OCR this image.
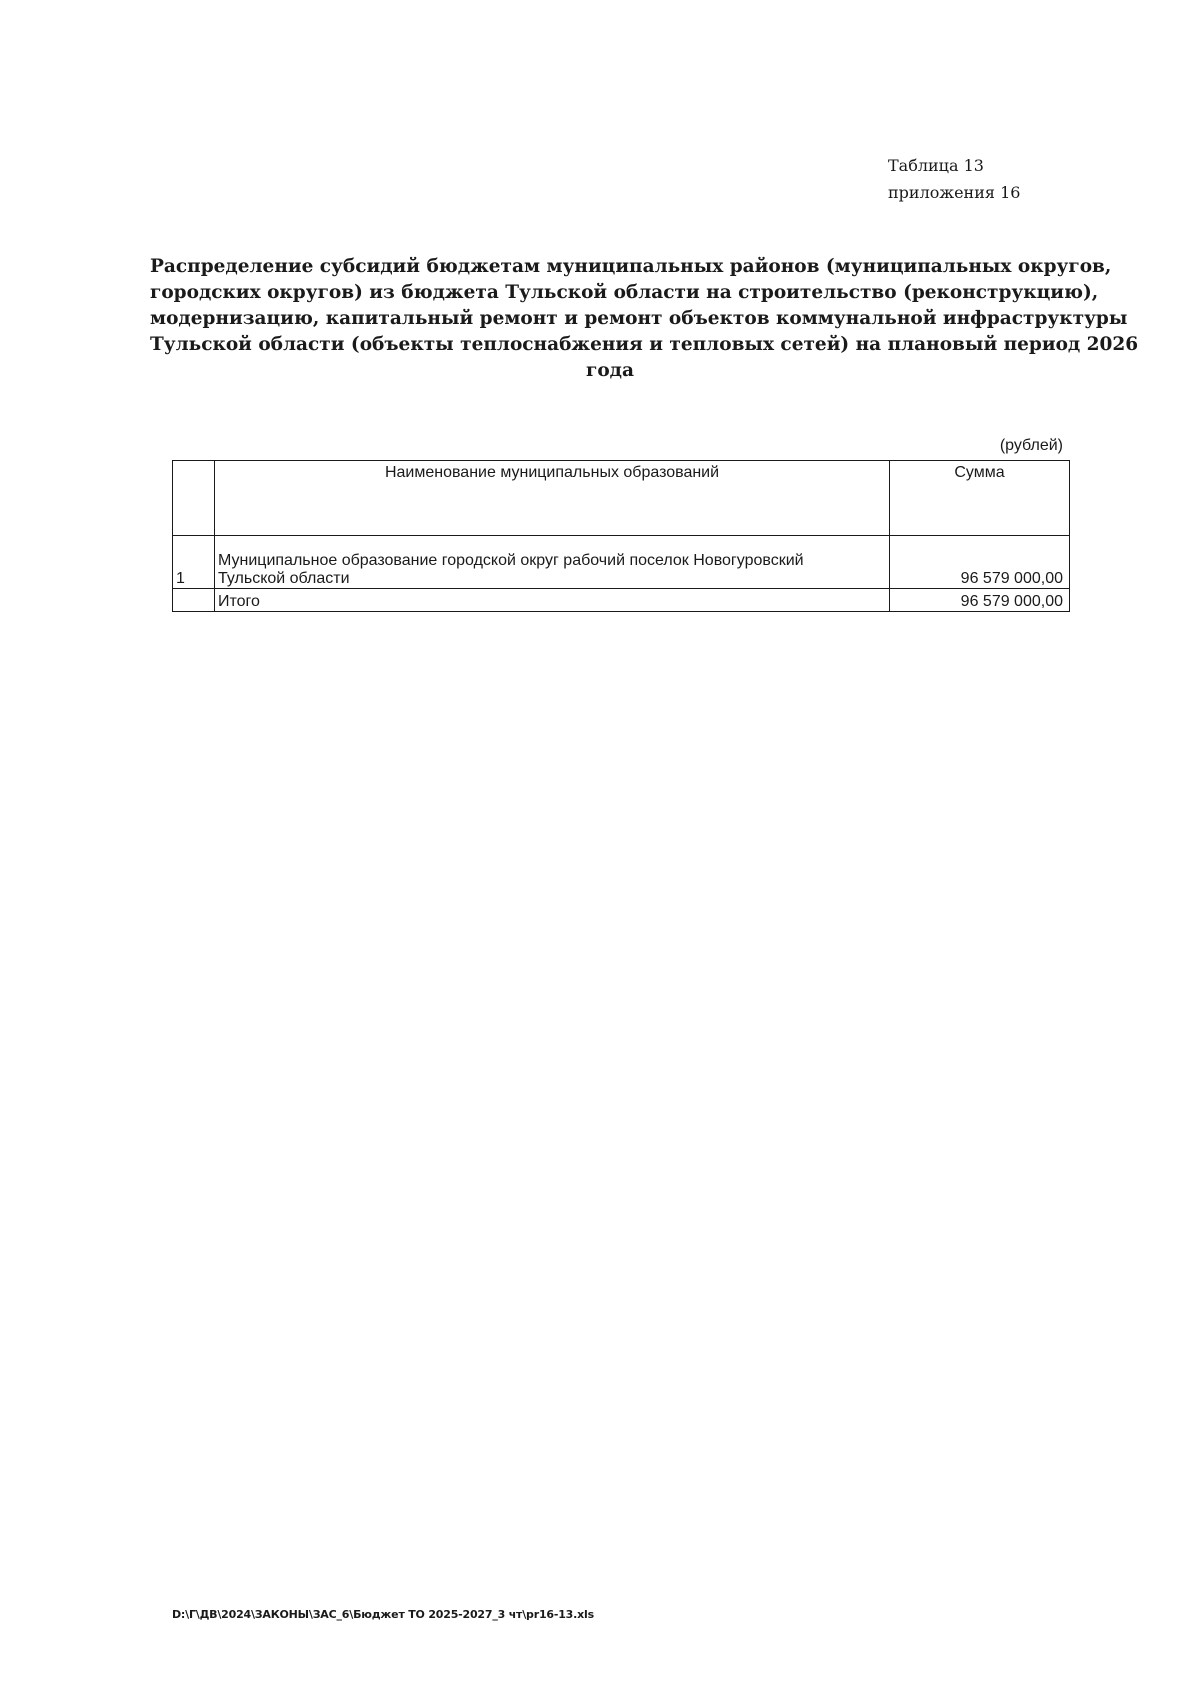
Таблица 13
приложения 16
Распределение субсидий бюджетам муниципальных районов (муниципальных округов,
городских округов) из бюджета Тульской области на строительство (реконструкцию),
модернизацию, капитальный ремонт и ремонт объектов коммунальной инфраструктуры
Тульской области (объекты теплоснабжения и тепловых сетей) на плановый период 2026
года
(рублей)
	Наименование муниципальных образований	Сумма
1	Муниципальное образование городской округ рабочий поселок Новогуровский
Тульской области	96 579 000,00
	Итого	96 579 000,00
D:\Г\ДВ\2024\ЗАКОНЫ\ЗАС_6\Бюджет ТО 2025-2027_3 чт\pr16-13.xls
